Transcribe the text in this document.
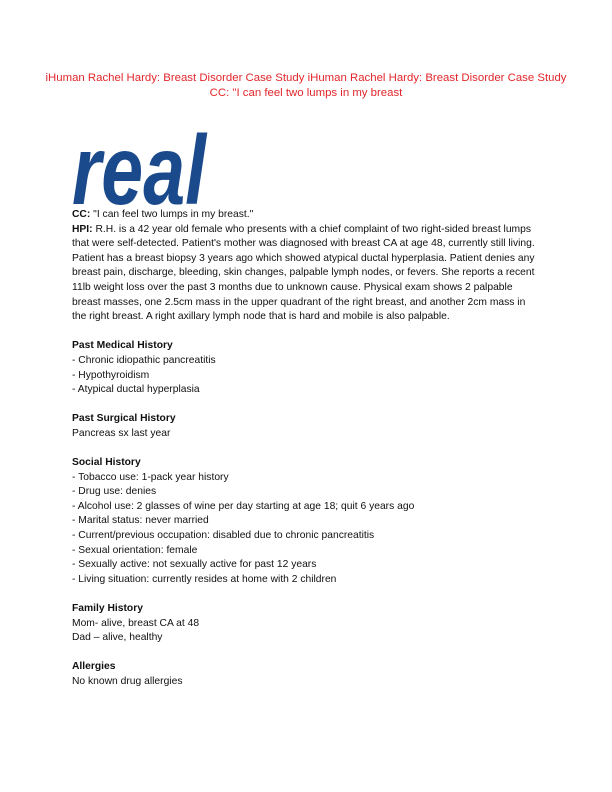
iHuman Rachel Hardy: Breast Disorder Case Study iHuman Rachel Hardy: Breast Disorder Case Study CC: "I can feel two lumps in my breast
real

CC: "I can feel two lumps in my breast."

HPI: R.H. is a 42 year old female who presents with a chief complaint of two right-sided breast lumps that were self-detected. Patient's mother was diagnosed with breast CA at age 48, currently still living. Patient has a breast biopsy 3 years ago which showed atypical ductal hyperplasia. Patient denies any breast pain, discharge, bleeding, skin changes, palpable lymph nodes, or fevers. She reports a recent 11lb weight loss over the past 3 months due to unknown cause. Physical exam shows 2 palpable breast masses, one 2.5cm mass in the upper quadrant of the right breast, and another 2cm mass in the right breast. A right axillary lymph node that is hard and mobile is also palpable.

Past Medical History

- Chronic idiopathic pancreatitis
- Hypothyroidism
- Atypical ductal hyperplasia

Past Surgical History

Pancreas sx last year

Social History

- Tobacco use: 1-pack year history
- Drug use: denies
- Alcohol use: 2 glasses of wine per day starting at age 18; quit 6 years ago
- Marital status: never married
- Current/previous occupation: disabled due to chronic pancreatitis
- Sexual orientation: female
- Sexually active: not sexually active for past 12 years
- Living situation: currently resides at home with 2 children

Family History

Mom- alive, breast CA at 48
Dad – alive, healthy

Allergies

No known drug allergies
